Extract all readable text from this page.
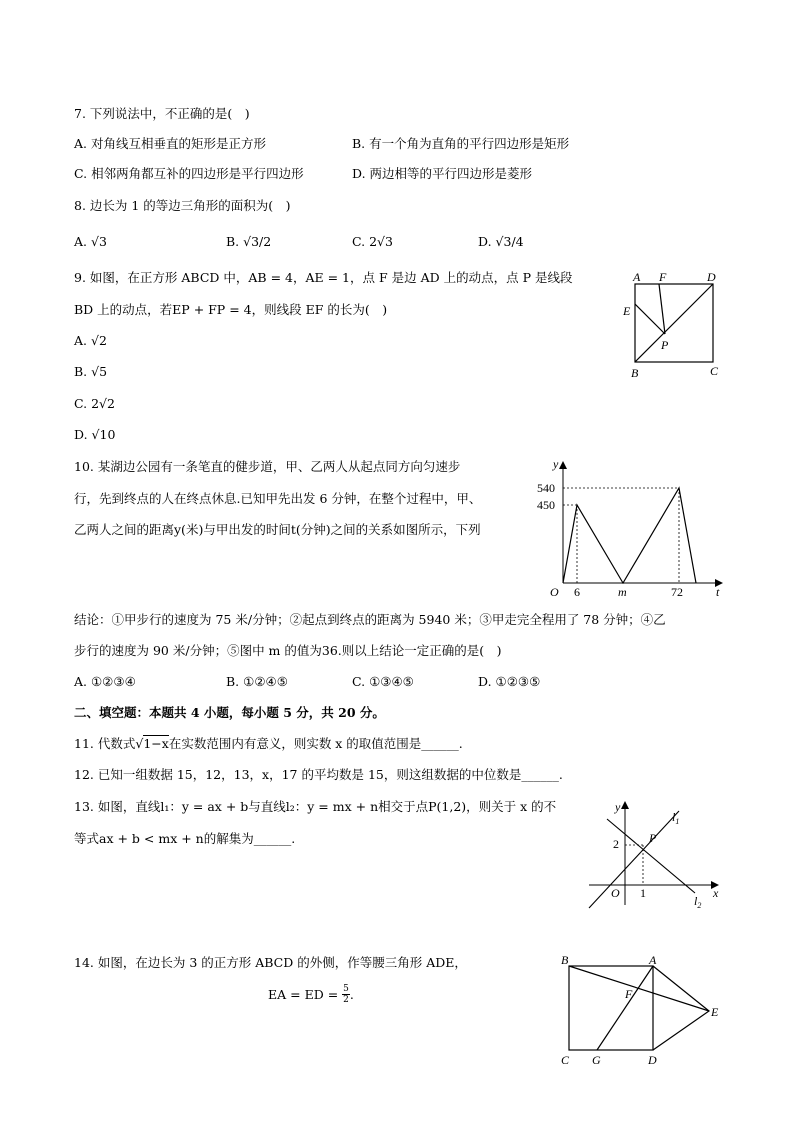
7. 下列说法中，不正确的是(　)
A. 对角线互相垂直的矩形是正方形	B. 有一个角为直角的平行四边形是矩形
C. 相邻两角都互补的四边形是平行四边形	D. 两边相等的平行四边形是菱形
8. 边长为 1 的等边三角形的面积为(　)
A. √3	B. √3/2	C. 2√3	D. √3/4
9. 如图，在正方形 ABCD 中，AB = 4，AE = 1，点 F 是边 AD 上的动点，点 P 是线段
BD 上的动点，若EP + FP = 4，则线段 EF 的长为(　)
A. √2
B. √5
C. 2√2
D. √10
A F	D
E
P
B	C
10. 某湖边公园有一条笔直的健步道，甲、乙两人从起点同方向匀速步
行，先到终点的人在终点休息.已知甲先出发 6 分钟，在整个过程中，甲、
乙两人之间的距离y(米)与甲出发的时间t(分钟)之间的关系如图所示，下列
y
t
O
540
450
6	m	72
结论：①甲步行的速度为 75 米/分钟；②起点到终点的距离为 5940 米；③甲走完全程用了 78 分钟；④乙
步行的速度为 90 米/分钟；⑤图中 m 的值为36.则以上结论一定正确的是(　)
A. ①②③④	B. ①②④⑤	C. ①③④⑤	D. ①②③⑤
二、填空题：本题共 4 小题，每小题 5 分，共 20 分。
11. 代数式√1−x在实数范围内有意义，则实数 x 的取值范围是______.
12. 已知一组数据 15，12，13，x，17 的平均数是 15，则这组数据的中位数是______.
13. 如图，直线l₁：y = ax + b与直线l₂：y = mx + n相交于点P(1,2)，则关于 x 的不
等式ax + b < mx + n的解集为______.
y
x
O
2
1
P
$l_1$
$l_2$
14. 如图，在边长为 3 的正方形 ABCD 的外侧，作等腰三角形 ADE，
EA = ED = $\frac{5}{2}$ .
B	A
F
E
C G	D
